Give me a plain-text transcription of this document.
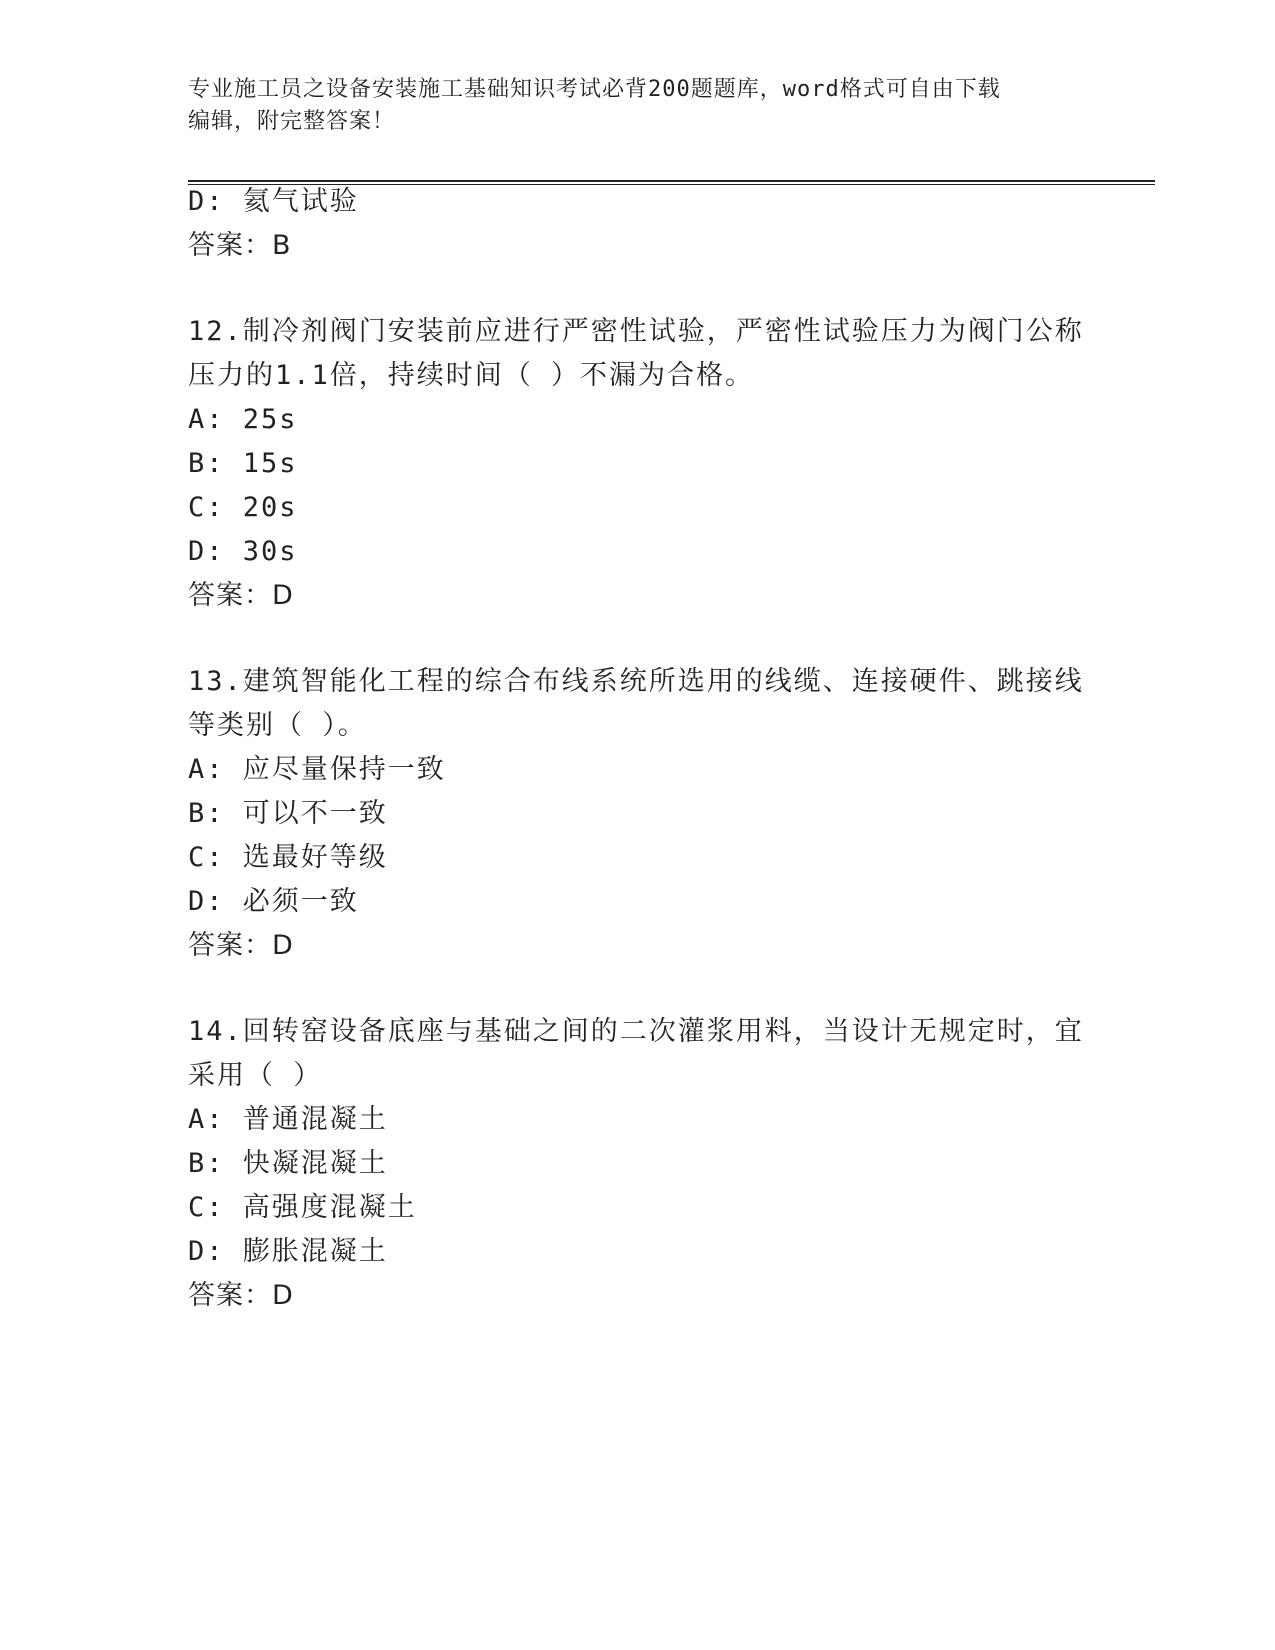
专业施工员之设备安装施工基础知识考试必背200题题库，word格式可自由下载
编辑，附完整答案！
D: 氦气试验
答案：B
12.制冷剂阀门安装前应进行严密性试验，严密性试验压力为阀门公称
压力的1.1倍，持续时间（ ）不漏为合格。
A: 25s
B: 15s
C: 20s
D: 30s
答案：D
13.建筑智能化工程的综合布线系统所选用的线缆、连接硬件、跳接线
等类别（ ）。
A: 应尽量保持一致
B: 可以不一致
C: 选最好等级
D: 必须一致
答案：D
14.回转窑设备底座与基础之间的二次灌浆用料，当设计无规定时，宜
采用（ ）
A: 普通混凝土
B: 快凝混凝土
C: 高强度混凝土
D: 膨胀混凝土
答案：D
